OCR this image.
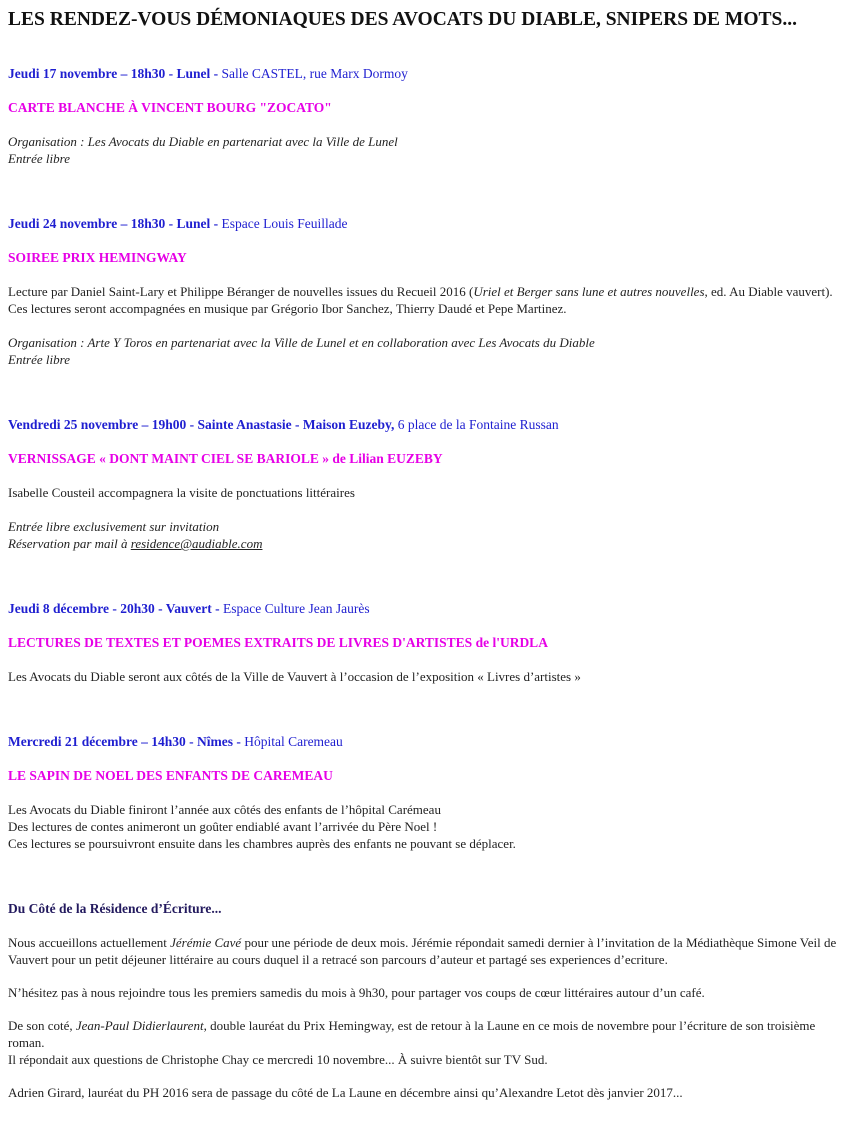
LES RENDEZ-VOUS DÉMONIAQUES DES AVOCATS DU DIABLE, SNIPERS DE MOTS...

Jeudi 17 novembre – 18h30 - Lunel - Salle CASTEL, rue Marx Dormoy

CARTE BLANCHE À VINCENT BOURG "ZOCATO"

Organisation : Les Avocats du Diable en partenariat avec la Ville de Lunel

Entrée libre

Jeudi 24 novembre – 18h30 - Lunel - Espace Louis Feuillade

SOIREE PRIX HEMINGWAY

Lecture par Daniel Saint-Lary et Philippe Béranger de nouvelles issues du Recueil 2016 (Uriel et Berger sans lune et autres nouvelles, ed. Au Diable vauvert).

Ces lectures seront accompagnées en musique par Grégorio Ibor Sanchez, Thierry Daudé et Pepe Martinez.

Organisation : Arte Y Toros en partenariat avec la Ville de Lunel et en collaboration avec Les Avocats du Diable

Entrée libre

Vendredi 25 novembre – 19h00 - Sainte Anastasie - Maison Euzeby, 6 place de la Fontaine Russan

VERNISSAGE « DONT MAINT CIEL SE BARIOLE » de Lilian EUZEBY

Isabelle Cousteil accompagnera la visite de ponctuations littéraires

Entrée libre exclusivement sur invitation

Réservation par mail à residence@audiable.com

Jeudi 8 décembre - 20h30 - Vauvert - Espace Culture Jean Jaurès

LECTURES DE TEXTES ET POEMES EXTRAITS DE LIVRES D'ARTISTES de l'URDLA

Les Avocats du Diable seront aux côtés de la Ville de Vauvert à l’occasion de l’exposition « Livres d’artistes »

Mercredi 21 décembre – 14h30 - Nîmes - Hôpital Caremeau

LE SAPIN DE NOEL DES ENFANTS DE CAREMEAU

Les Avocats du Diable finiront l’année aux côtés des enfants de l’hôpital Carémeau

Des lectures de contes animeront un goûter endiablé avant l’arrivée du Père Noel !

Ces lectures se poursuivront ensuite dans les chambres auprès des enfants ne pouvant se déplacer.

Du Côté de la Résidence d’Écriture...

Nous accueillons actuellement Jérémie Cavé pour une période de deux mois. Jérémie répondait samedi dernier à l’invitation de la Médiathèque Simone Veil de Vauvert pour un petit déjeuner littéraire au cours duquel il a retracé son parcours d’auteur et partagé ses experiences d’ecriture.

N’hésitez pas à nous rejoindre tous les premiers samedis du mois à 9h30, pour partager vos coups de cœur littéraires autour d’un café.

De son coté, Jean-Paul Didierlaurent, double lauréat du Prix Hemingway, est de retour à la Laune en ce mois de novembre pour l’écriture de son troisième roman.

Il répondait aux questions de Christophe Chay ce mercredi 10 novembre... À suivre bientôt sur TV Sud.

Adrien Girard, lauréat du PH 2016 sera de passage du côté de La Laune en décembre ainsi qu’Alexandre Letot dès janvier 2017...
